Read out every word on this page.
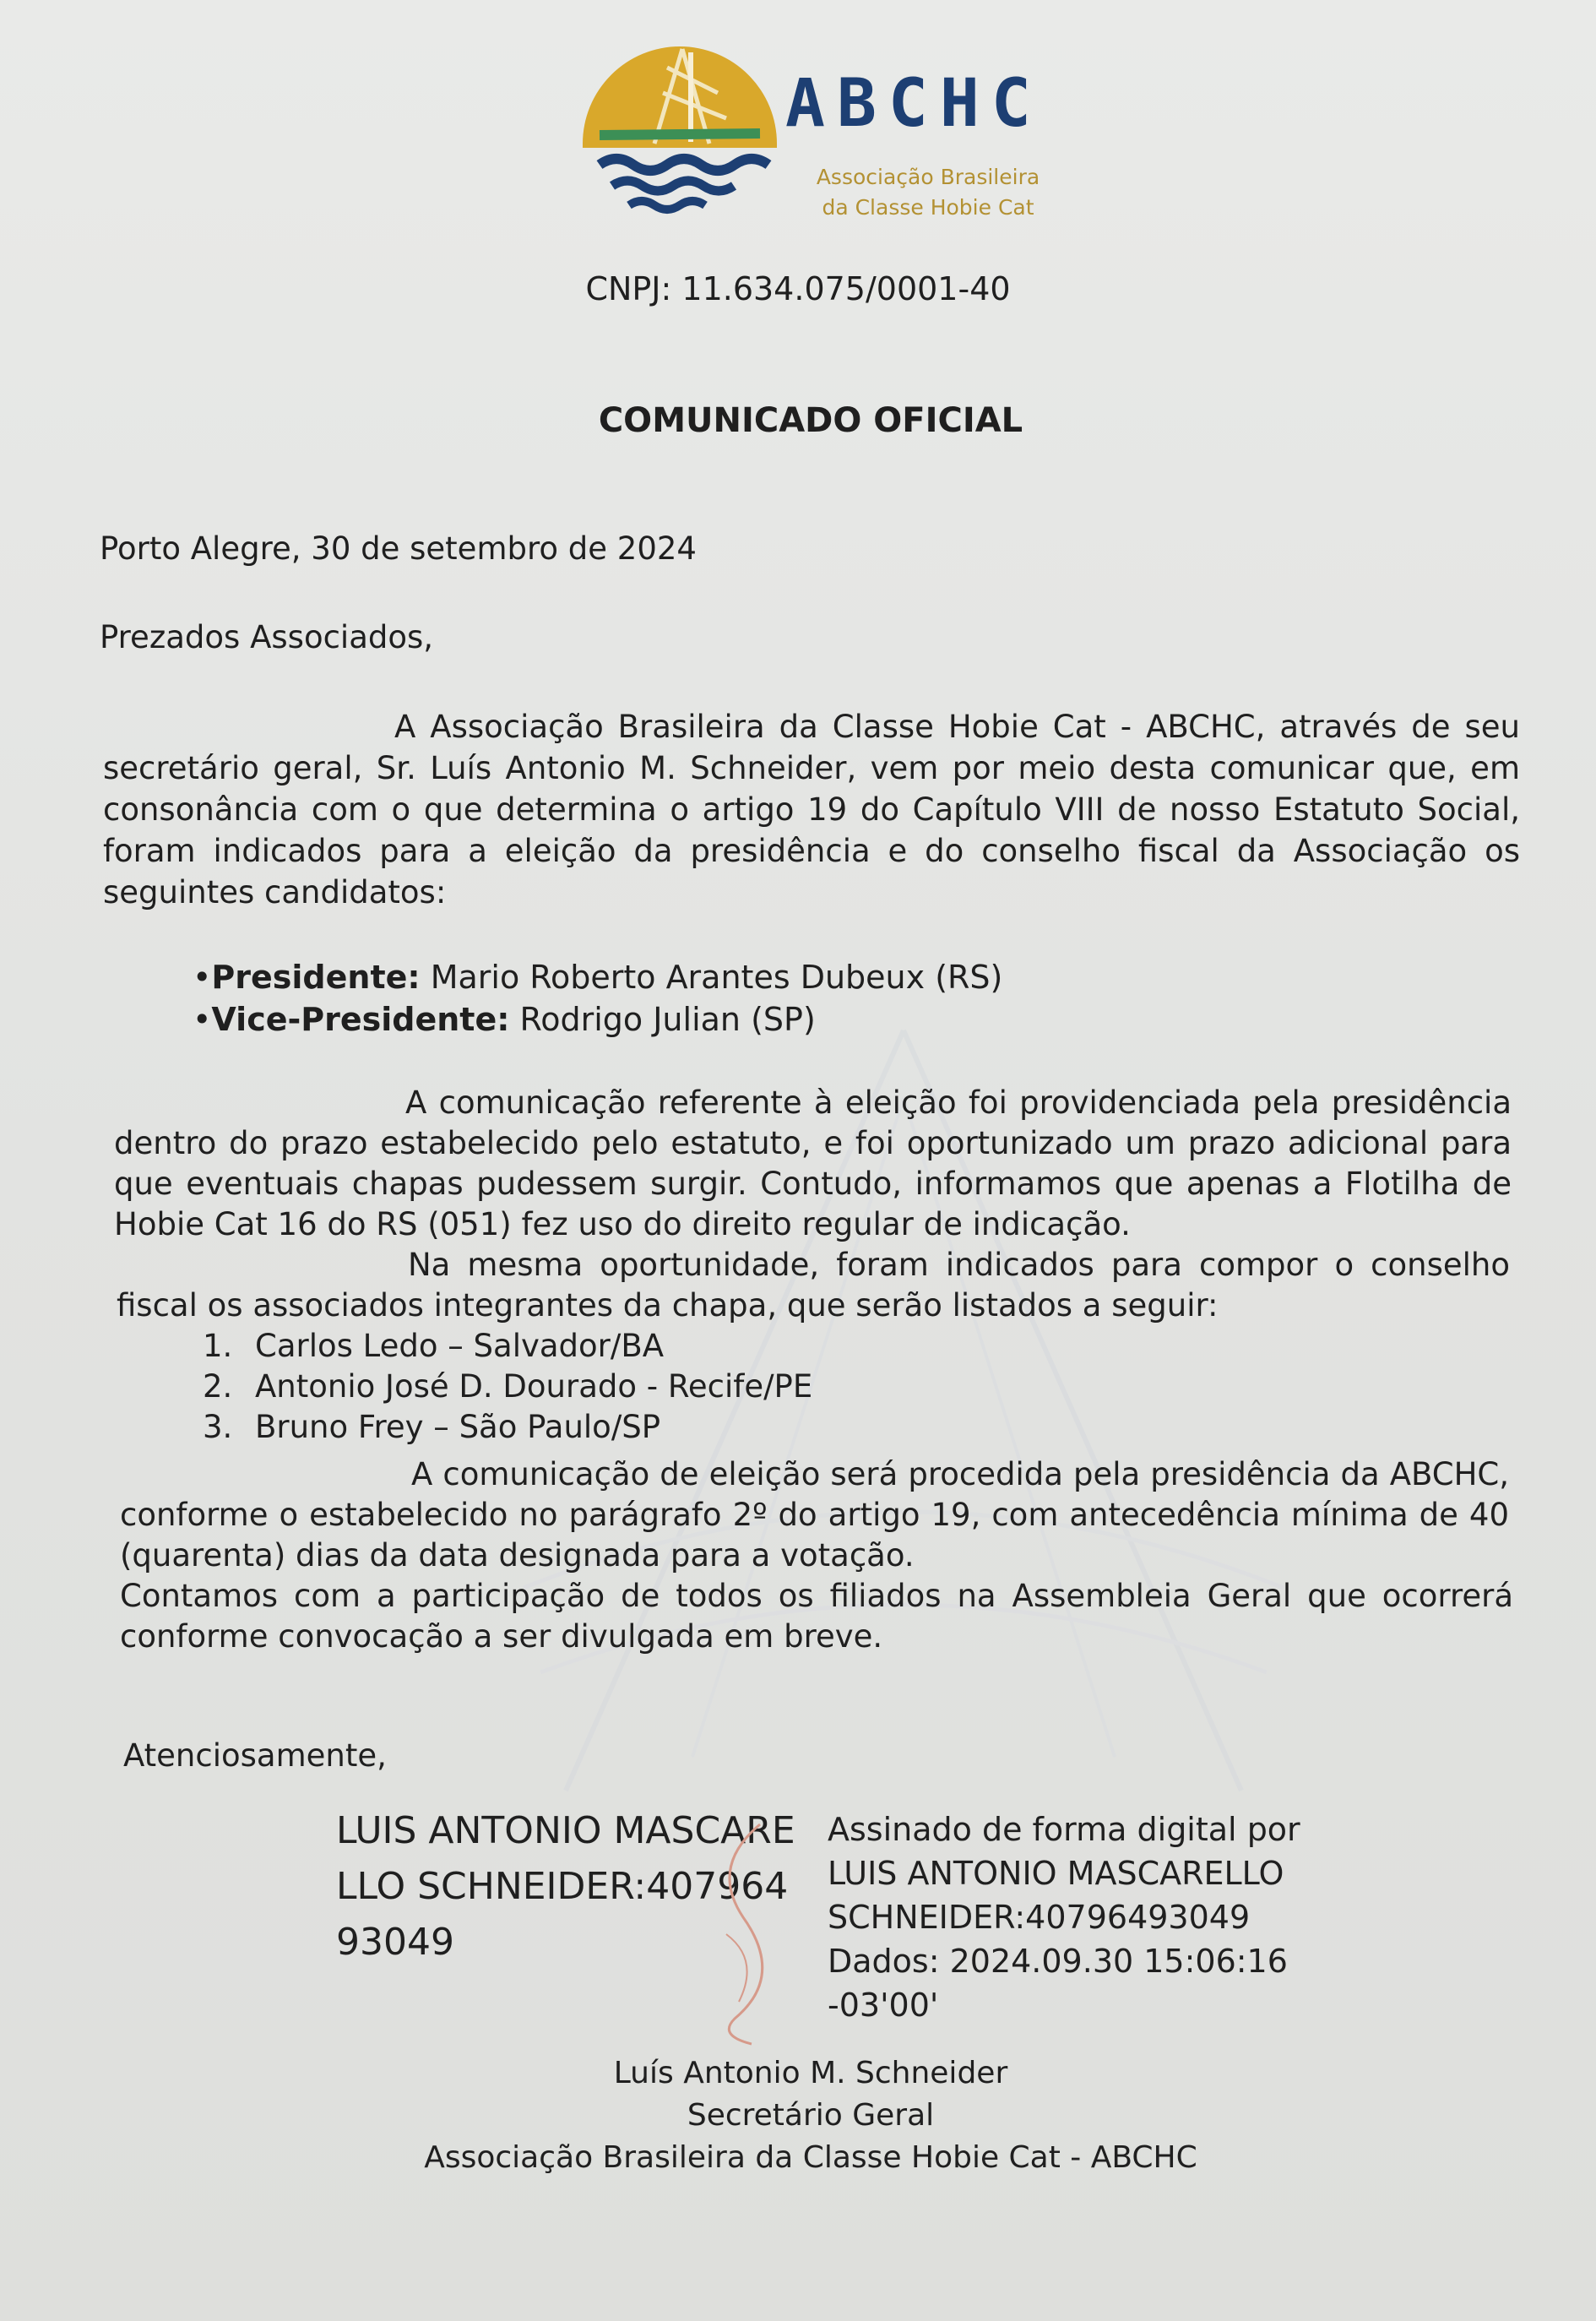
ABCHC
Associação Brasileira
da Classe Hobie Cat
CNPJ: 11.634.075/0001-40
COMUNICADO OFICIAL
Porto Alegre, 30 de setembro de 2024
Prezados Associados,
A Associação Brasileira da Classe Hobie Cat - ABCHC, através de seu secretário geral, Sr. Luís Antonio M. Schneider, vem por meio desta comunicar que, em consonância com o que determina o artigo 19 do Capítulo VIII de nosso Estatuto Social, foram indicados para a eleição da presidência e do conselho fiscal da Associação os seguintes candidatos:
•Presidente: Mario Roberto Arantes Dubeux (RS)
•Vice-Presidente: Rodrigo Julian (SP)
A comunicação referente à eleição foi providenciada pela presidência dentro do prazo estabelecido pelo estatuto, e foi oportunizado um prazo adicional para que eventuais chapas pudessem surgir. Contudo, informamos que apenas a Flotilha de Hobie Cat 16 do RS (051) fez uso do direito regular de indicação.
Na mesma oportunidade, foram indicados para compor o conselho fiscal os associados integrantes da chapa, que serão listados a seguir:
1. Carlos Ledo – Salvador/BA
2. Antonio José D. Dourado - Recife/PE
3. Bruno Frey – São Paulo/SP
A comunicação de eleição será procedida pela presidência da ABCHC, conforme o estabelecido no parágrafo 2º do artigo 19, com antecedência mínima de 40 (quarenta) dias da data designada para a votação.
Contamos com a participação de todos os filiados na Assembleia Geral que ocorrerá conforme convocação a ser divulgada em breve.
Atenciosamente,
LUIS ANTONIO MASCARELLO SCHNEIDER:40796493049
Assinado de forma digital por
LUIS ANTONIO MASCARELLO
SCHNEIDER:40796493049
Dados: 2024.09.30 15:06:16
-03'00'
Luís Antonio M. Schneider
Secretário Geral
Associação Brasileira da Classe Hobie Cat - ABCHC
